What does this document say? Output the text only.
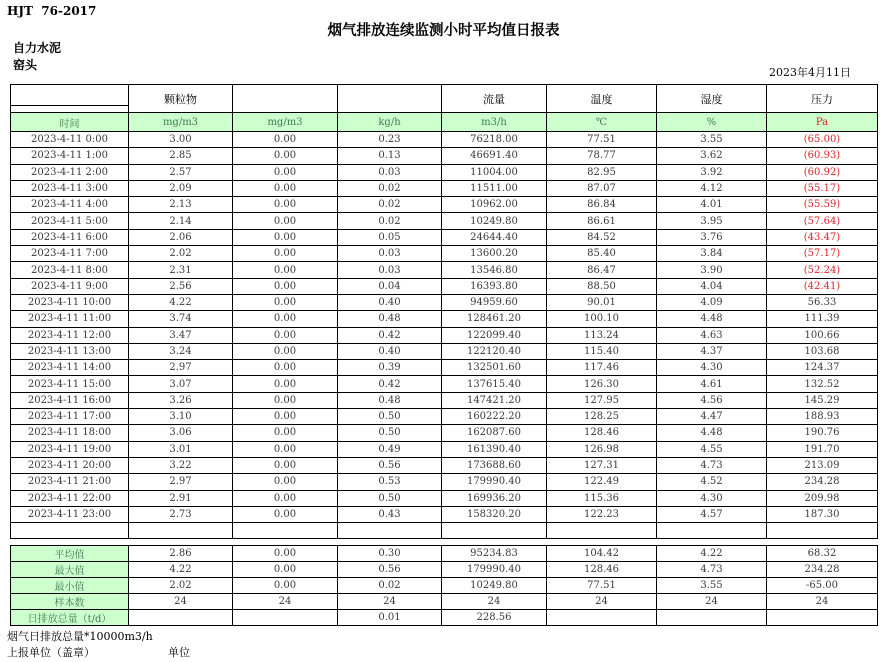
HJT  76-2017
烟气排放连续监测小时平均值日报表
自力水泥
窑头
2023年4月11日
	颗粒物			流量	温度	湿度	压力
时间	mg/m3	mg/m3	kg/h	m3/h	℃	%	Pa
2023-4-11 0:00	3.00	0.00	0.23	76218.00	77.51	3.55	(65.00)
2023-4-11 1:00	2.85	0.00	0.13	46691.40	78.77	3.62	(60.93)
2023-4-11 2:00	2.57	0.00	0.03	11004.00	82.95	3.92	(60.92)
2023-4-11 3:00	2.09	0.00	0.02	11511.00	87.07	4.12	(55.17)
2023-4-11 4:00	2.13	0.00	0.02	10962.00	86.84	4.01	(55.59)
2023-4-11 5:00	2.14	0.00	0.02	10249.80	86.61	3.95	(57.64)
2023-4-11 6:00	2.06	0.00	0.05	24644.40	84.52	3.76	(43.47)
2023-4-11 7:00	2.02	0.00	0.03	13600.20	85.40	3.84	(57.17)
2023-4-11 8:00	2.31	0.00	0.03	13546.80	86.47	3.90	(52.24)
2023-4-11 9:00	2.56	0.00	0.04	16393.80	88.50	4.04	(42.41)
2023-4-11 10:00	4.22	0.00	0.40	94959.60	90.01	4.09	56.33
2023-4-11 11:00	3.74	0.00	0.48	128461.20	100.10	4.48	111.39
2023-4-11 12:00	3.47	0.00	0.42	122099.40	113.24	4.63	100.66
2023-4-11 13:00	3.24	0.00	0.40	122120.40	115.40	4.37	103.68
2023-4-11 14:00	2.97	0.00	0.39	132501.60	117.46	4.30	124.37
2023-4-11 15:00	3.07	0.00	0.42	137615.40	126.30	4.61	132.52
2023-4-11 16:00	3.26	0.00	0.48	147421.20	127.95	4.56	145.29
2023-4-11 17:00	3.10	0.00	0.50	160222.20	128.25	4.47	188.93
2023-4-11 18:00	3.06	0.00	0.50	162087.60	128.46	4.48	190.76
2023-4-11 19:00	3.01	0.00	0.49	161390.40	126.98	4.55	191.70
2023-4-11 20:00	3.22	0.00	0.56	173688.60	127.31	4.73	213.09
2023-4-11 21:00	2.97	0.00	0.53	179990.40	122.49	4.52	234.28
2023-4-11 22:00	2.91	0.00	0.50	169936.20	115.36	4.30	209.98
2023-4-11 23:00	2.73	0.00	0.43	158320.20	122.23	4.57	187.30

平均值	2.86	0.00	0.30	95234.83	104.42	4.22	68.32
最大值	4.22	0.00	0.56	179990.40	128.46	4.73	234.28
最小值	2.02	0.00	0.02	10249.80	77.51	3.55	-65.00
样本数	24	24	24	24	24	24	24
日排放总量（t/d）			0.01	228.56			
烟气日排放总量*10000m3/h
上报单位（盖章）	单位
